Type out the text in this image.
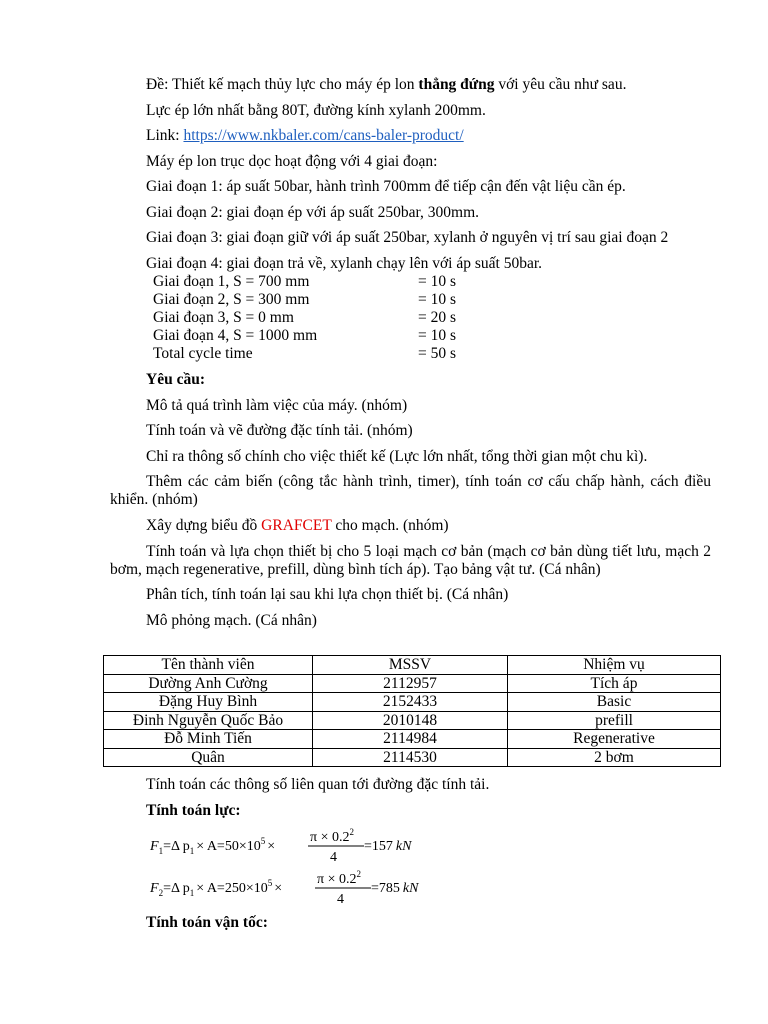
Đề: Thiết kế mạch thủy lực cho máy ép lon thẳng đứng với yêu cầu như sau.
Lực ép lớn nhất bằng 80T, đường kính xylanh 200mm.
Link: https://www.nkbaler.com/cans-baler-product/
Máy ép lon trục dọc hoạt động với 4 giai đoạn:
Giai đoạn 1: áp suất 50bar, hành trình 700mm để tiếp cận đến vật liệu cần ép.
Giai đoạn 2: giai đoạn ép với áp suất 250bar, 300mm.
Giai đoạn 3: giai đoạn giữ với áp suất 250bar, xylanh ở nguyên vị trí sau giai đoạn 2
Giai đoạn 4: giai đoạn trả về, xylanh chạy lên với áp suất 50bar.
Giai đoạn 1, S = 700 mm	= 10 s
Giai đoạn 2, S = 300 mm	= 10 s
Giai đoạn 3, S = 0 mm	= 20 s
Giai đoạn 4, S = 1000 mm	= 10 s
Total cycle time	= 50 s
Yêu cầu:
Mô tả quá trình làm việc của máy. (nhóm)
Tính toán và vẽ đường đặc tính tải. (nhóm)
Chỉ ra thông số chính cho việc thiết kế (Lực lớn nhất, tổng thời gian một chu kì).
Thêm các cảm biến (công tắc hành trình, timer), tính toán cơ cấu chấp hành, cách điều khiển. (nhóm)
Xây dựng biểu đồ GRAFCET cho mạch. (nhóm)
Tính toán và lựa chọn thiết bị cho 5 loại mạch cơ bản (mạch cơ bản dùng tiết lưu, mạch 2 bơm, mạch regenerative, prefill, dùng bình tích áp). Tạo bảng vật tư. (Cá nhân)
Phân tích, tính toán lại sau khi lựa chọn thiết bị. (Cá nhân)
Mô phỏng mạch. (Cá nhân)
Tên thành viên	MSSV	Nhiệm vụ
Dường Anh Cường	2112957	Tích áp
Đặng Huy Bình	2152433	Basic
Đinh Nguyễn Quốc Bảo	2010148	prefill
Đỗ Minh Tiến	2114984	Regenerative
Quân	2114530	2 bơm
Tính toán các thông số liên quan tới đường đặc tính tải.
Tính toán lực:
$F_1=\Delta$ $p_1 \times A=50\times 10^5$ ×
$\pi \times 0.2^2$
4
=157 kN
$F_2=\Delta$ $p_1 \times A=250\times 10^5$ ×
$\pi \times 0.2^2$
4
=785 kN
Tính toán vận tốc:
